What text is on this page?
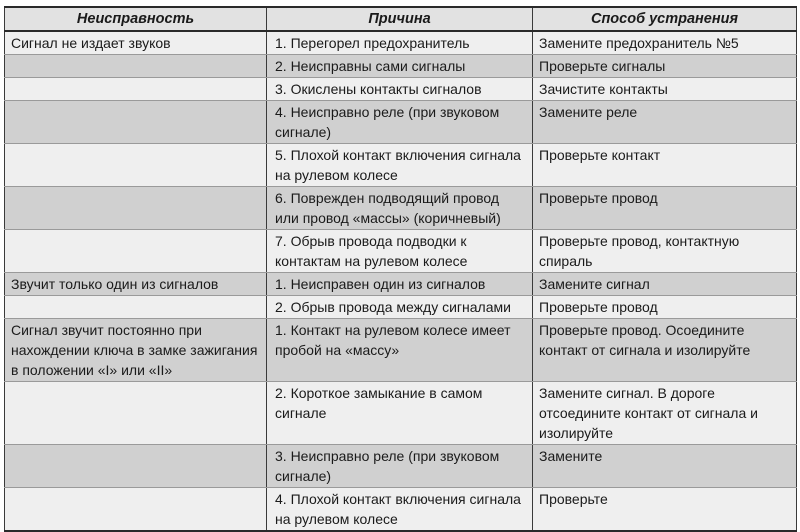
Неисправность	Причина	Способ устранения
Сигнал не издает звуков	1. Перегорел предохранитель	Замените предохранитель №5
	2. Неисправны сами сигналы	Проверьте сигналы
	3. Окислены контакты сигналов	Зачистите контакты
	4. Неисправно реле (при звуковом сигнале)	Замените реле
	5. Плохой контакт включения сигнала на рулевом колесе	Проверьте контакт
	6. Поврежден подводящий провод или провод «массы» (коричневый)	Проверьте провод
	7. Обрыв провода подводки к контактам на рулевом колесе	Проверьте провод, контактную спираль
Звучит только один из сигналов	1. Неисправен один из сигналов	Замените сигнал
	2. Обрыв провода между сигналами	Проверьте провод
Сигнал звучит постоянно при нахождении ключа в замке зажигания в положении «I» или «II»	1. Контакт на рулевом колесе имеет пробой на «массу»	Проверьте провод. Осоедините контакт от сигнала и изолируйте
	2. Короткое замыкание в самом сигнале	Замените сигнал. В дороге отсоедините контакт от сигнала и изолируйте
	3. Неисправно реле (при звуковом сигнале)	Замените
	4. Плохой контакт включения сигнала на рулевом колесе	Проверьте
